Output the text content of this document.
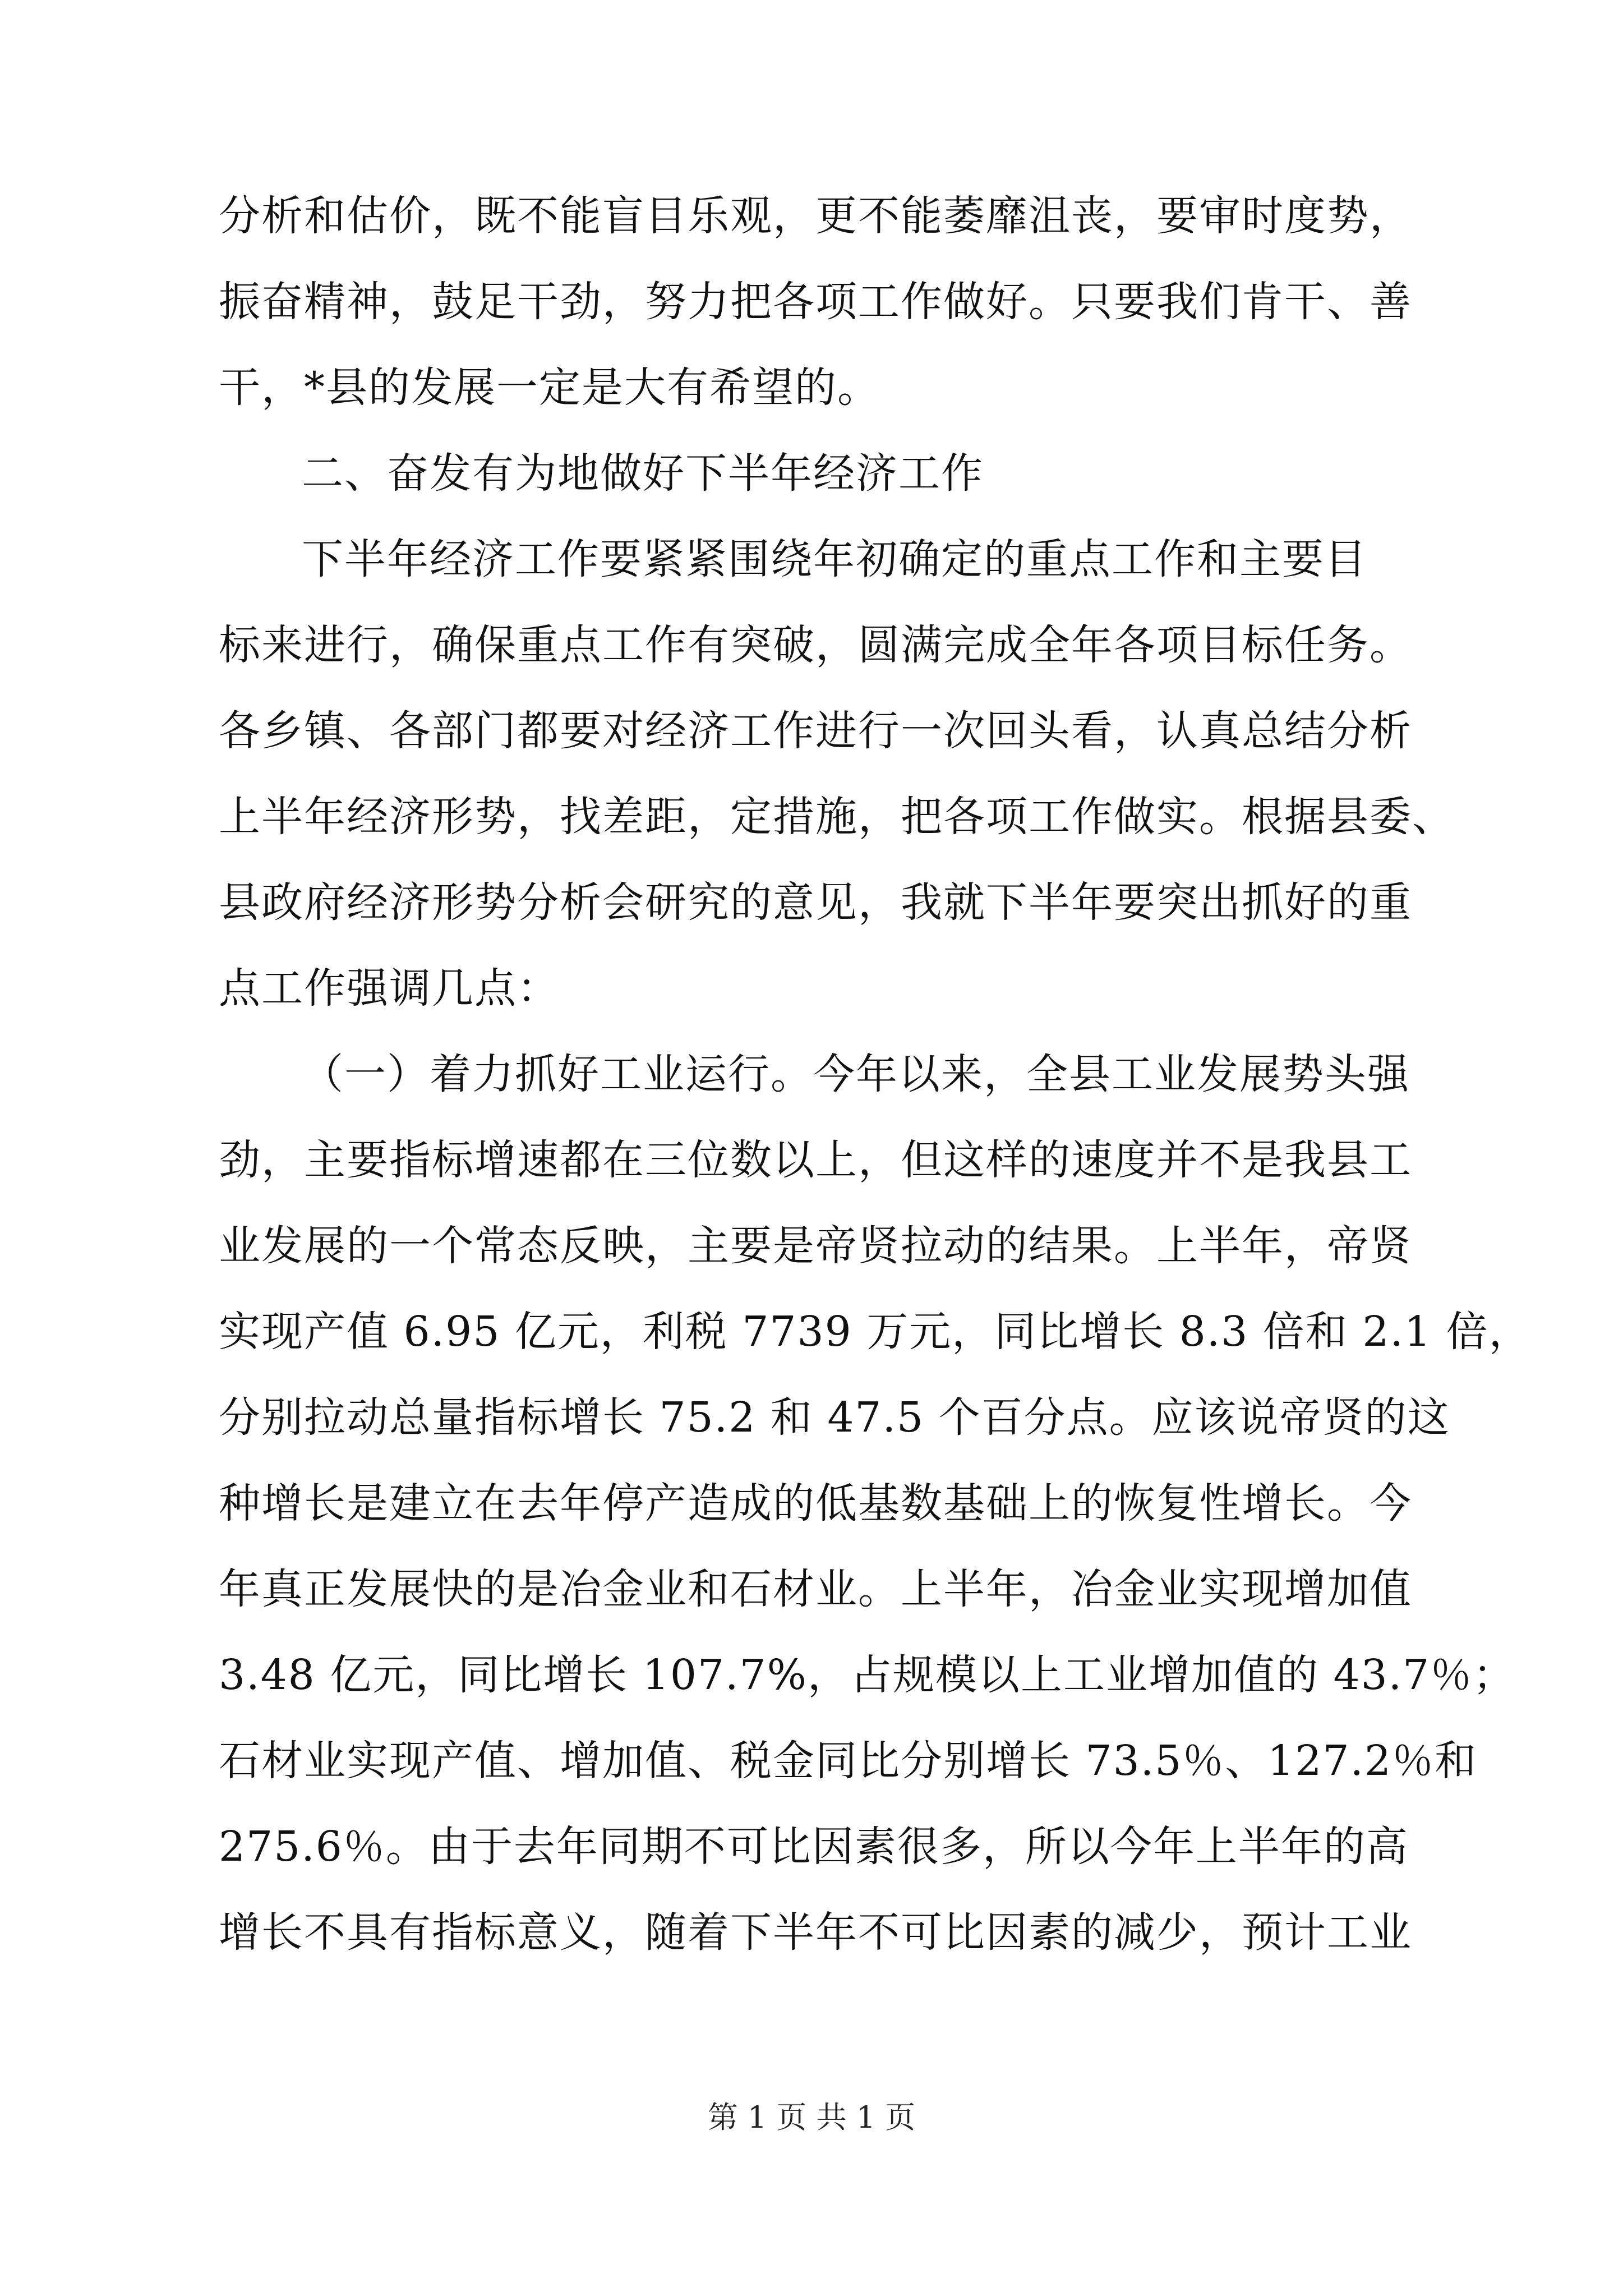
分析和估价，既不能盲目乐观，更不能萎靡沮丧，要审时度势，
振奋精神，鼓足干劲，努力把各项工作做好。只要我们肯干、善
干，*县的发展一定是大有希望的。
二、奋发有为地做好下半年经济工作
下半年经济工作要紧紧围绕年初确定的重点工作和主要目
标来进行，确保重点工作有突破，圆满完成全年各项目标任务。
各乡镇、各部门都要对经济工作进行一次回头看，认真总结分析
上半年经济形势，找差距，定措施，把各项工作做实。根据县委、
县政府经济形势分析会研究的意见，我就下半年要突出抓好的重
点工作强调几点：
（一）着力抓好工业运行。今年以来，全县工业发展势头强
劲，主要指标增速都在三位数以上，但这样的速度并不是我县工
业发展的一个常态反映，主要是帝贤拉动的结果。上半年，帝贤
实现产值 6.95 亿元，利税 7739 万元，同比增长 8.3 倍和 2.1 倍，
分别拉动总量指标增长 75.2 和 47.5 个百分点。应该说帝贤的这
种增长是建立在去年停产造成的低基数基础上的恢复性增长。今
年真正发展快的是冶金业和石材业。上半年，冶金业实现增加值
3.48 亿元，同比增长 107.7%，占规模以上工业增加值的 43.7％；
石材业实现产值、增加值、税金同比分别增长 73.5％、127.2％和
275.6％。由于去年同期不可比因素很多，所以今年上半年的高
增长不具有指标意义，随着下半年不可比因素的减少，预计工业
第 1 页 共 1 页
